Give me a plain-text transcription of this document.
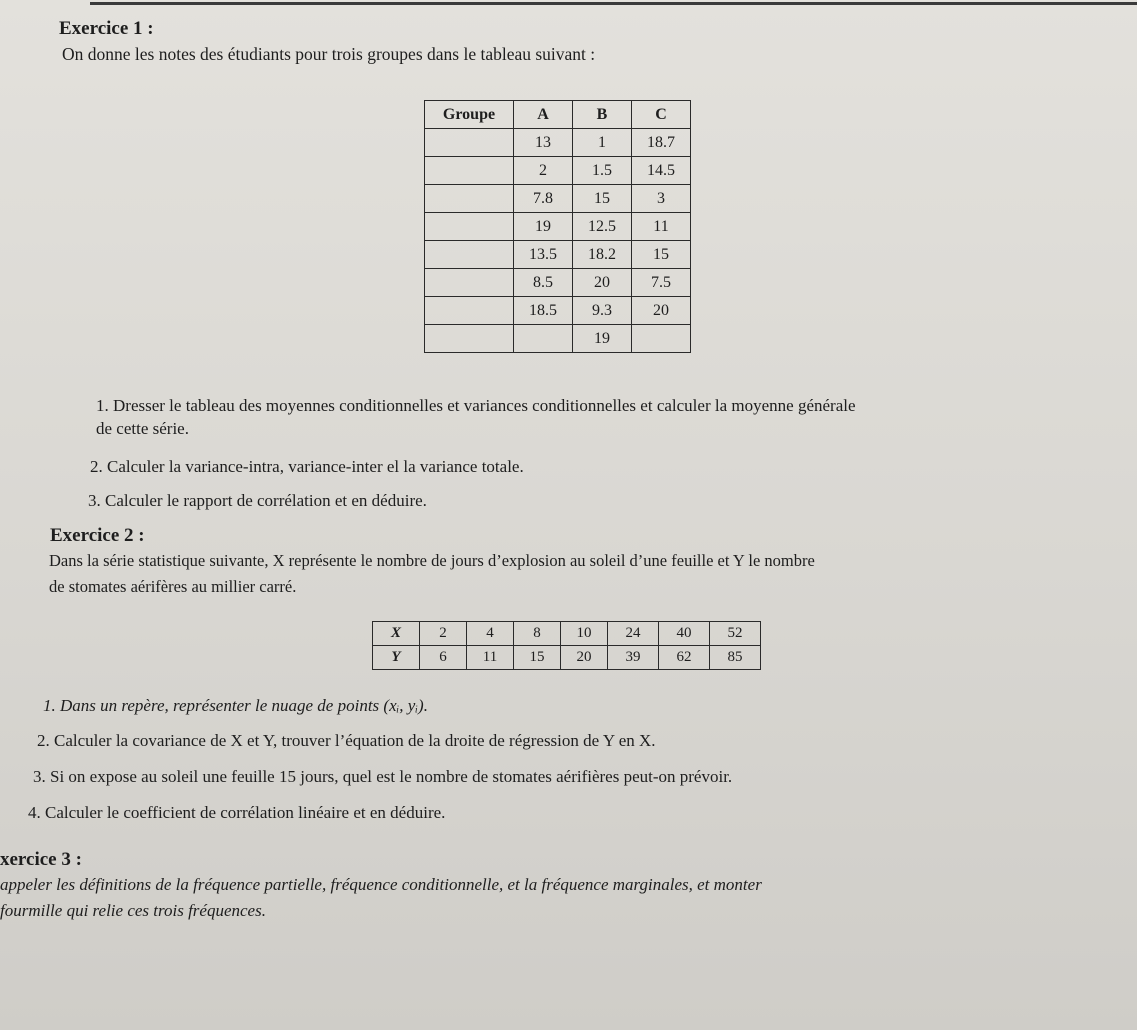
Exercice 1 :
On donne les notes des étudiants pour trois groupes dans le tableau suivant :
Groupe	A	B	C
	13	1	18.7
	2	1.5	14.5
	7.8	15	3
	19	12.5	11
	13.5	18.2	15
	8.5	20	7.5
	18.5	9.3	20
		19	
1. Dresser le tableau des moyennes conditionnelles et variances conditionnelles et calculer la moyenne générale
de cette série.
2. Calculer la variance-intra, variance-inter el la variance totale.
3. Calculer le rapport de corrélation et en déduire.
Exercice 2 :
Dans la série statistique suivante, X représente le nombre de jours d’explosion au soleil d’une feuille et Y le nombre
de stomates aérifères au millier carré.
X	2	4	8	10	24	40	52
Y	6	11	15	20	39	62	85
1. Dans un repère, représenter le nuage de points (xᵢ, yᵢ).
2. Calculer la covariance de X et Y, trouver l’équation de la droite de régression de Y en X.
3. Si on expose au soleil une feuille 15 jours, quel est le nombre de stomates aérifières peut-on prévoir.
4. Calculer le coefficient de corrélation linéaire et en déduire.
xercice 3 :
appeler les définitions de la fréquence partielle, fréquence conditionnelle, et la fréquence marginales, et monter
fourmille qui relie ces trois fréquences.
